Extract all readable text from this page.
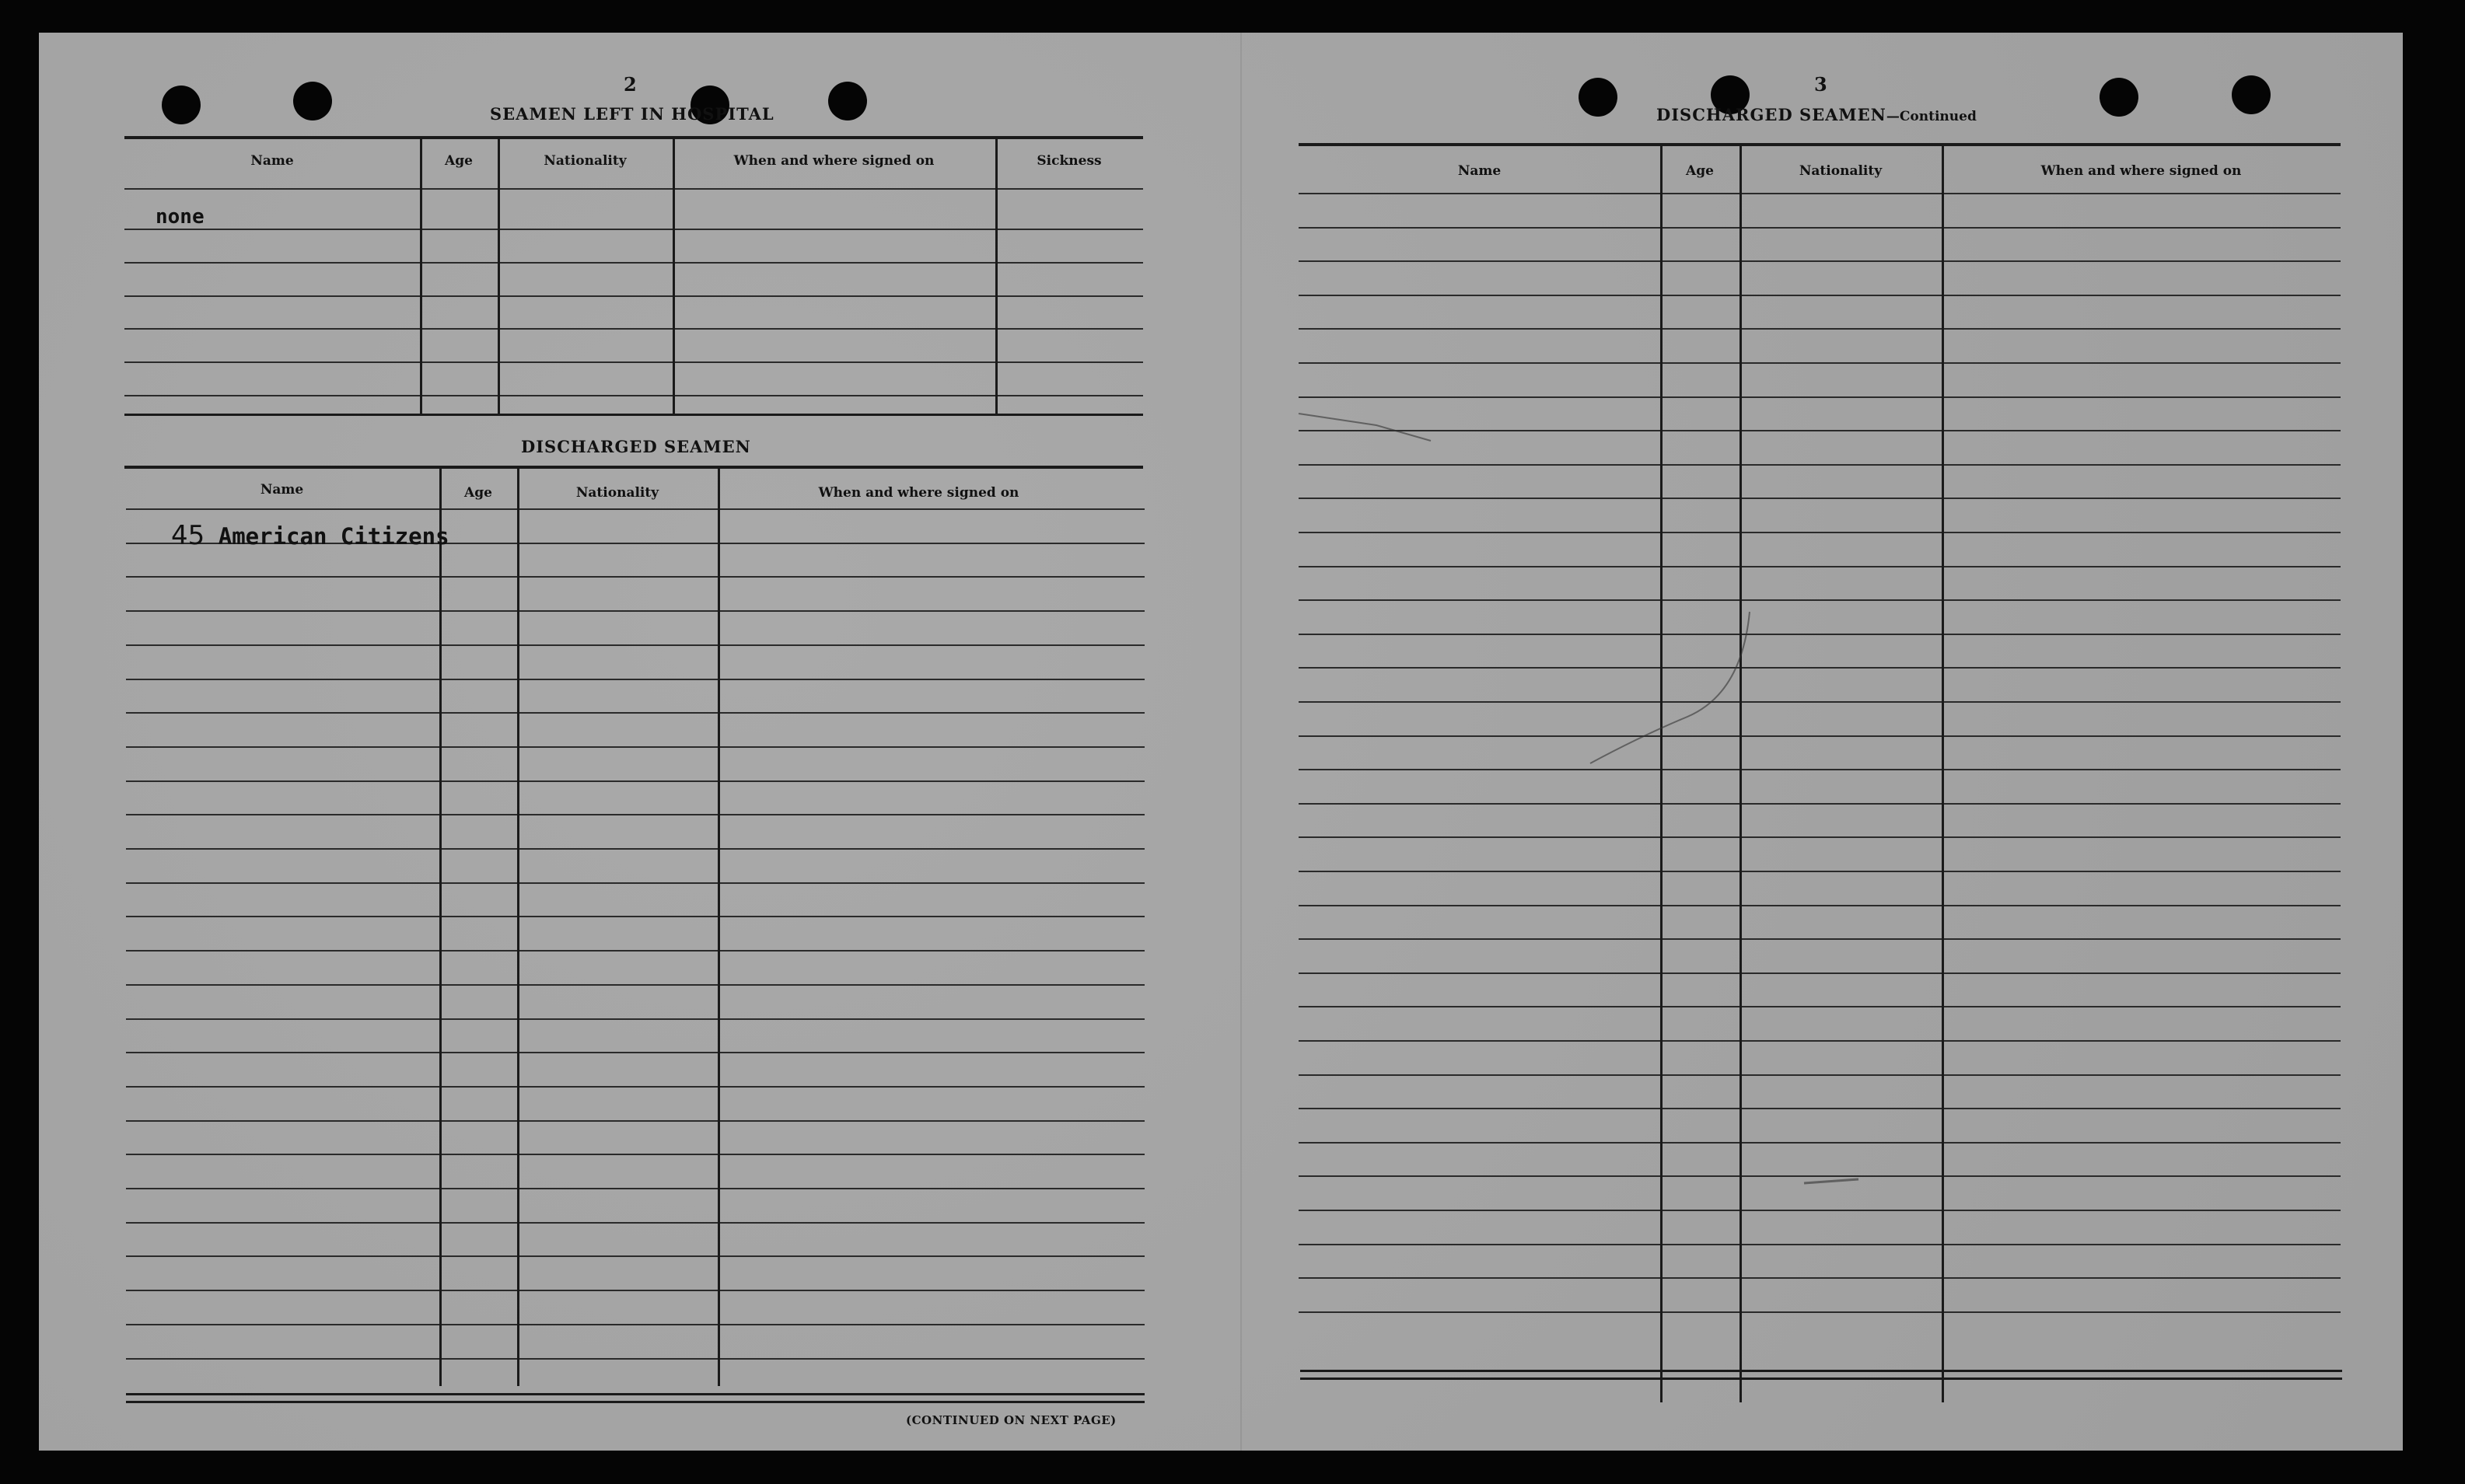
2
SEAMEN LEFT IN HOSPITAL
Name	Age	Nationality	When and where signed on	Sickness
none
DISCHARGED SEAMEN
Name	Age	Nationality	When and where signed on
45 American Citizens
(CONTINUED ON NEXT PAGE)
3
DISCHARGED SEAMEN—Continued
Name	Age	Nationality	When and where signed on
